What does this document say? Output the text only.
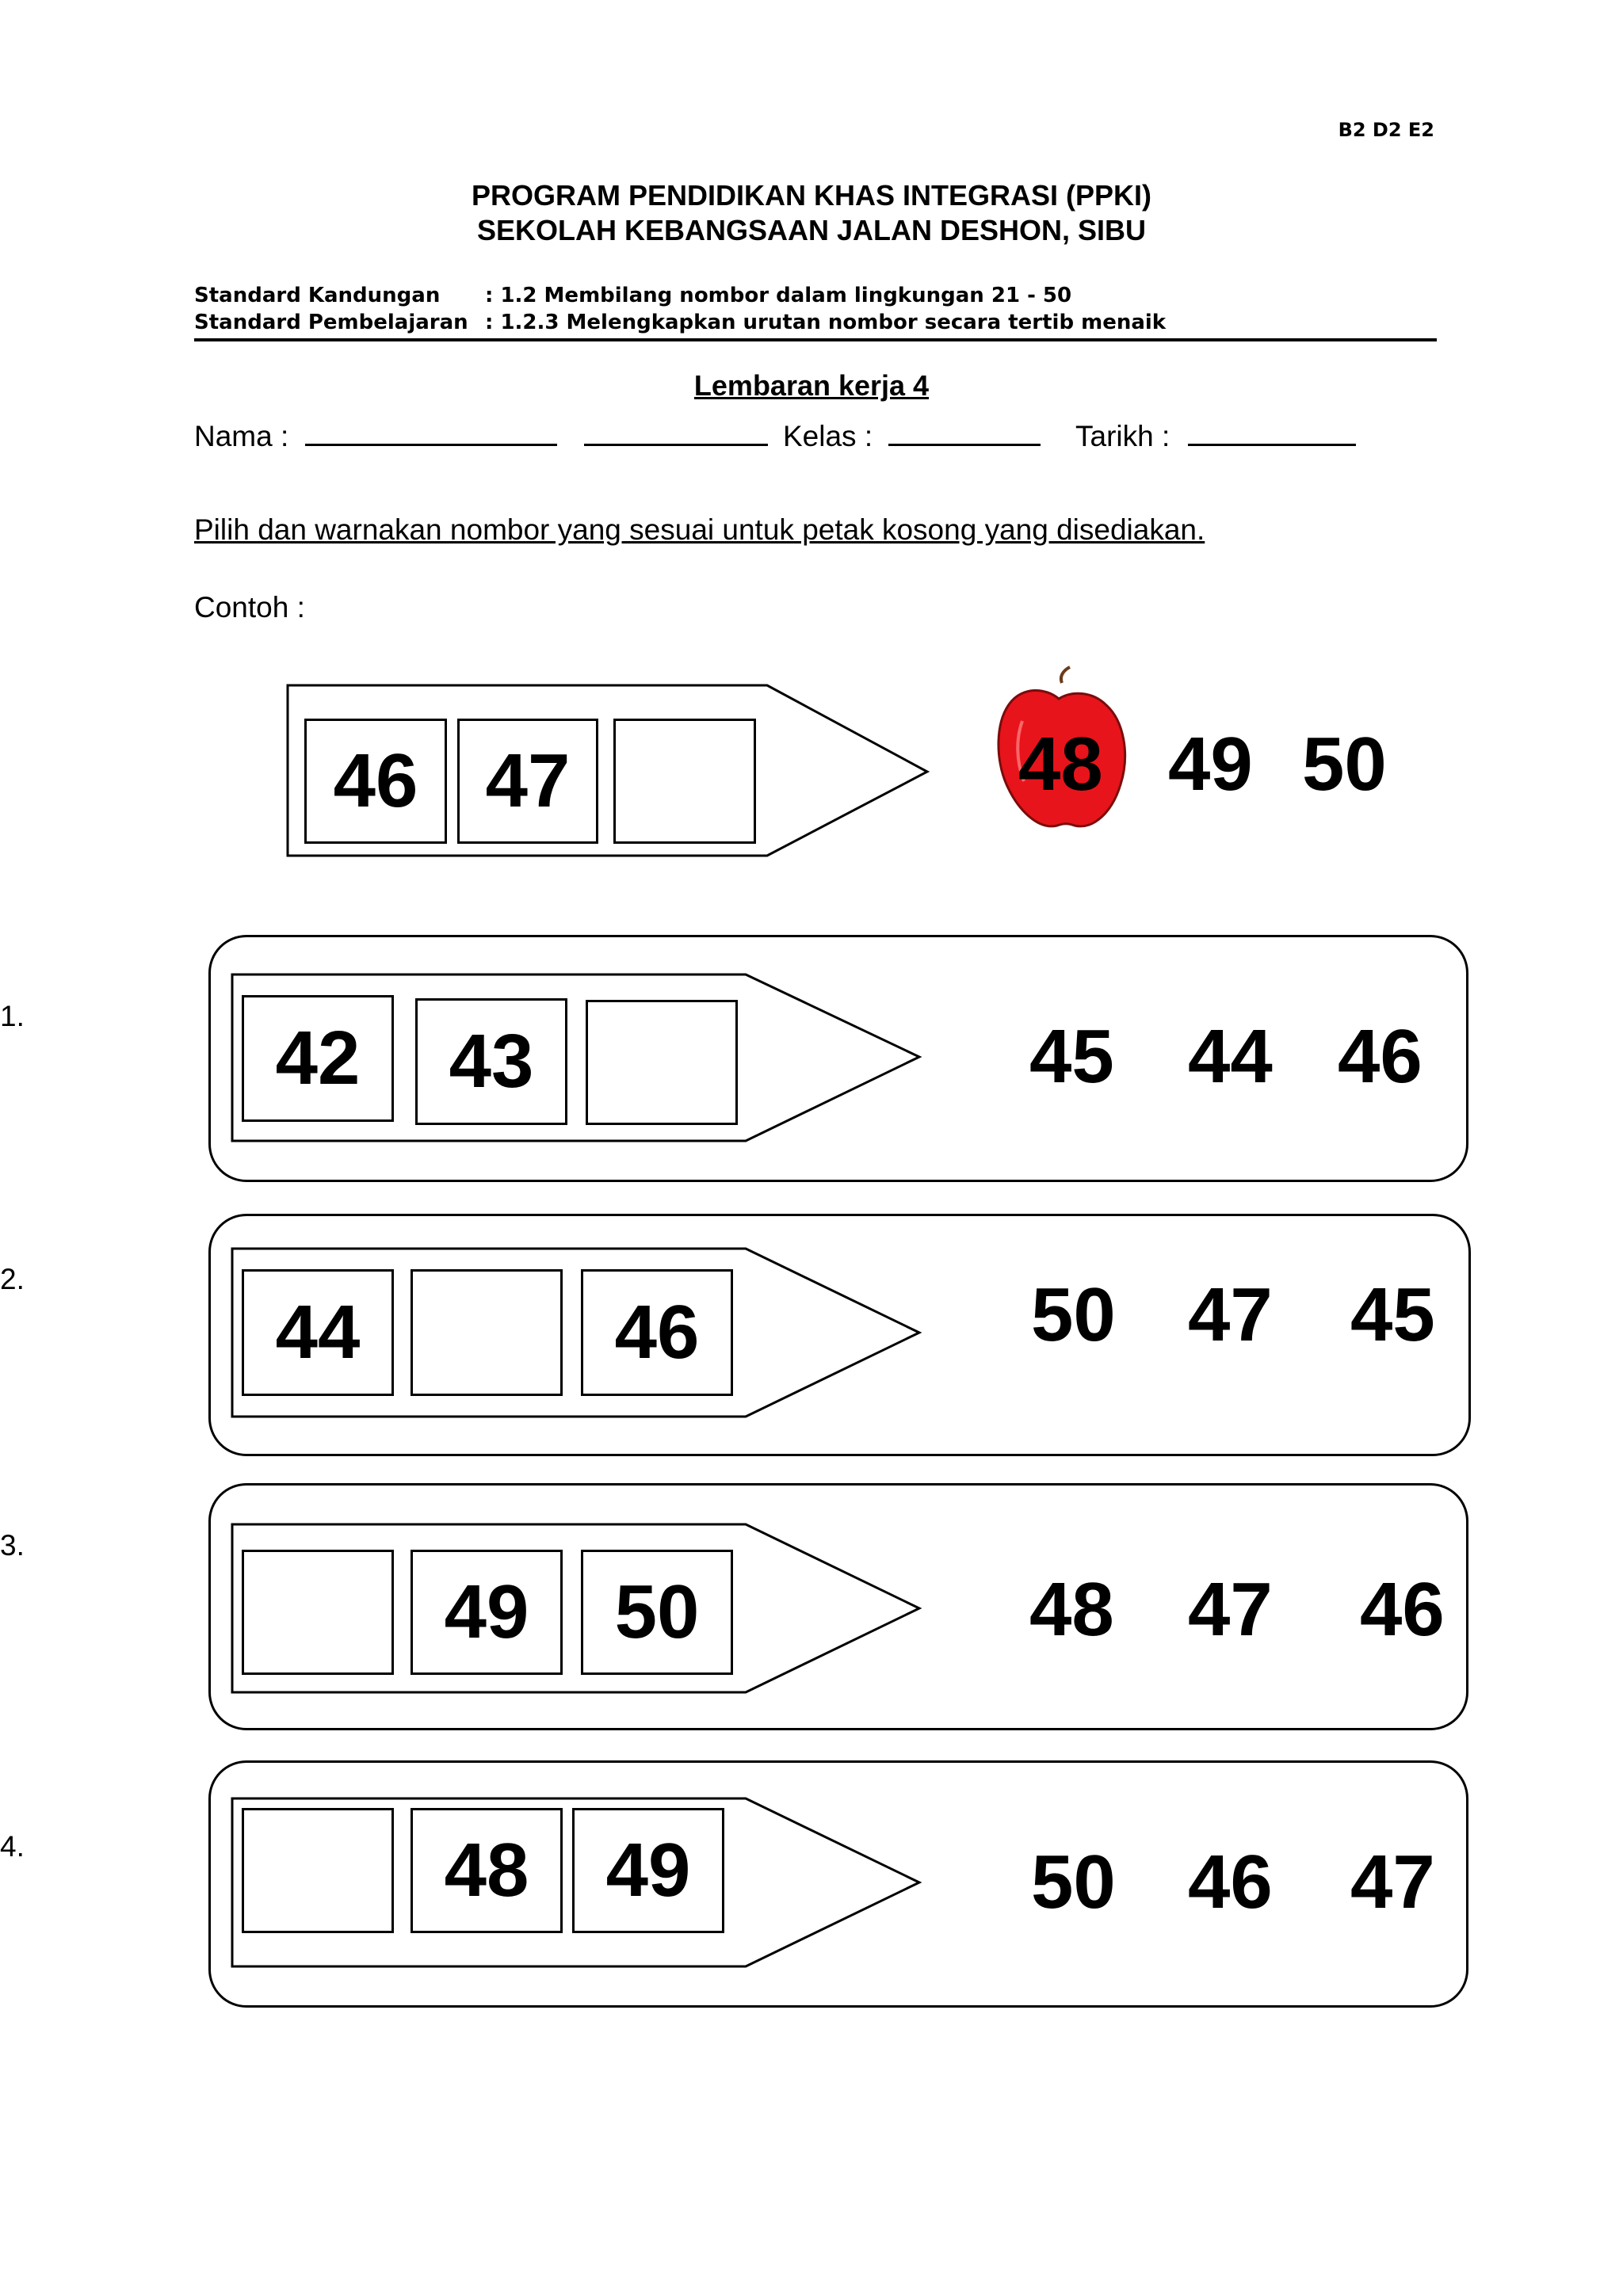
B2 D2 E2
PROGRAM PENDIDIKAN KHAS INTEGRASI (PPKI)
SEKOLAH KEBANGSAAN JALAN DESHON, SIBU
Standard Kandungan : 1.2 Membilang nombor dalam lingkungan 21 - 50
Standard Pembelajaran : 1.2.3 Melengkapkan urutan nombor secara tertib menaik
Lembaran kerja 4
Nama :	Kelas :	Tarikh :
Pilih dan warnakan nombor yang sesuai untuk petak kosong yang disediakan.
Contoh :
46 47	48 49 50
1.	42	43	45 44 46
2.
44	46	50 47 45
3.
49	50	48 47 46
4.	48	49	50 46 47
